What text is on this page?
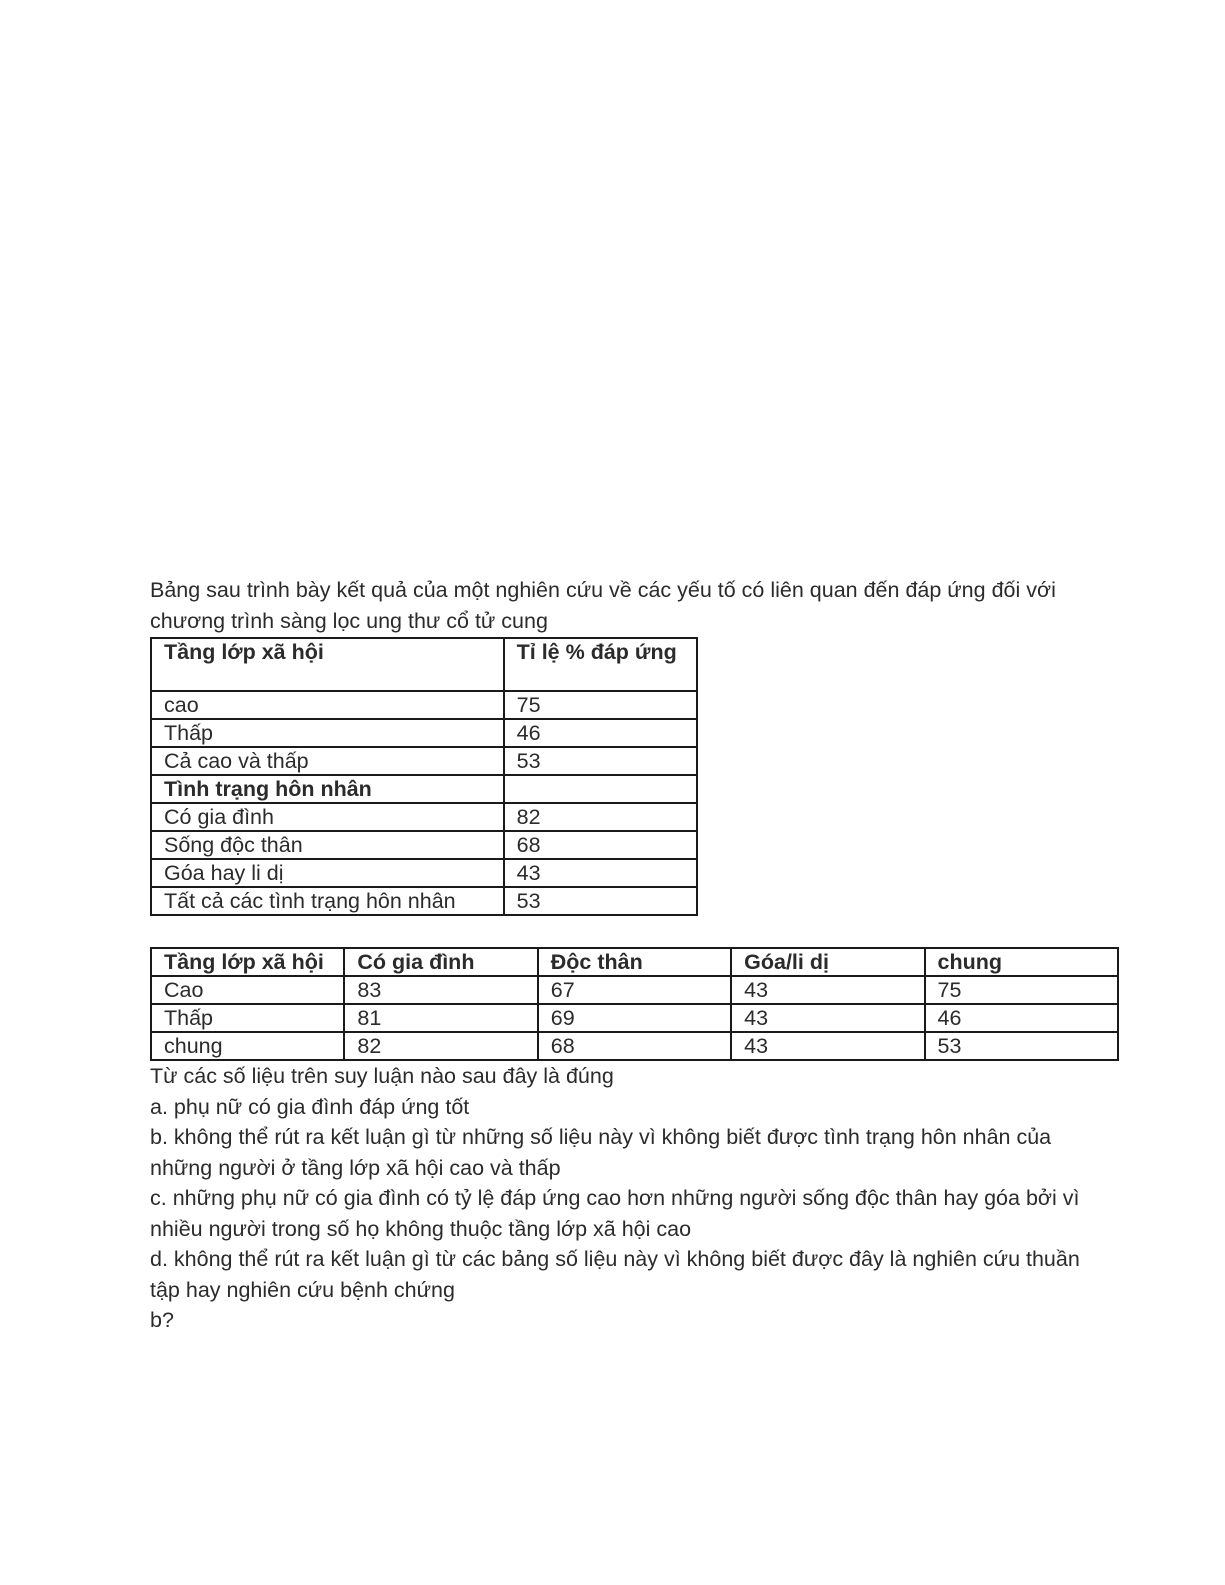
Bảng sau trình bày kết quả của một nghiên cứu về các yếu tố có liên quan đến đáp ứng đối với chương trình sàng lọc ung thư cổ tử cung

Tầng lớp xã hội	Tỉ lệ % đáp ứng
cao	75
Thấp	46
Cả cao và thấp	53
Tình trạng hôn nhân	
Có gia đình	82
Sống độc thân	68
Góa hay li dị	43
Tất cả các tình trạng hôn nhân	53
Tầng lớp xã hội	Có gia đình	Độc thân	Góa/li dị	chung
Cao	83	67	43	75
Thấp	81	69	43	46
chung	82	68	43	53

Từ các số liệu trên suy luận nào sau đây là đúng

a. phụ nữ có gia đình đáp ứng tốt

b. không thể rút ra kết luận gì từ những số liệu này vì không biết được tình trạng hôn nhân của những người ở tầng lớp xã hội cao và thấp

c. những phụ nữ có gia đình có tỷ lệ đáp ứng cao hơn những người sống độc thân hay góa bởi vì nhiều người trong số họ không thuộc tầng lớp xã hội cao

d. không thể rút ra kết luận gì từ các bảng số liệu này vì không biết được đây là nghiên cứu thuần tập hay nghiên cứu bệnh chứng

b?
